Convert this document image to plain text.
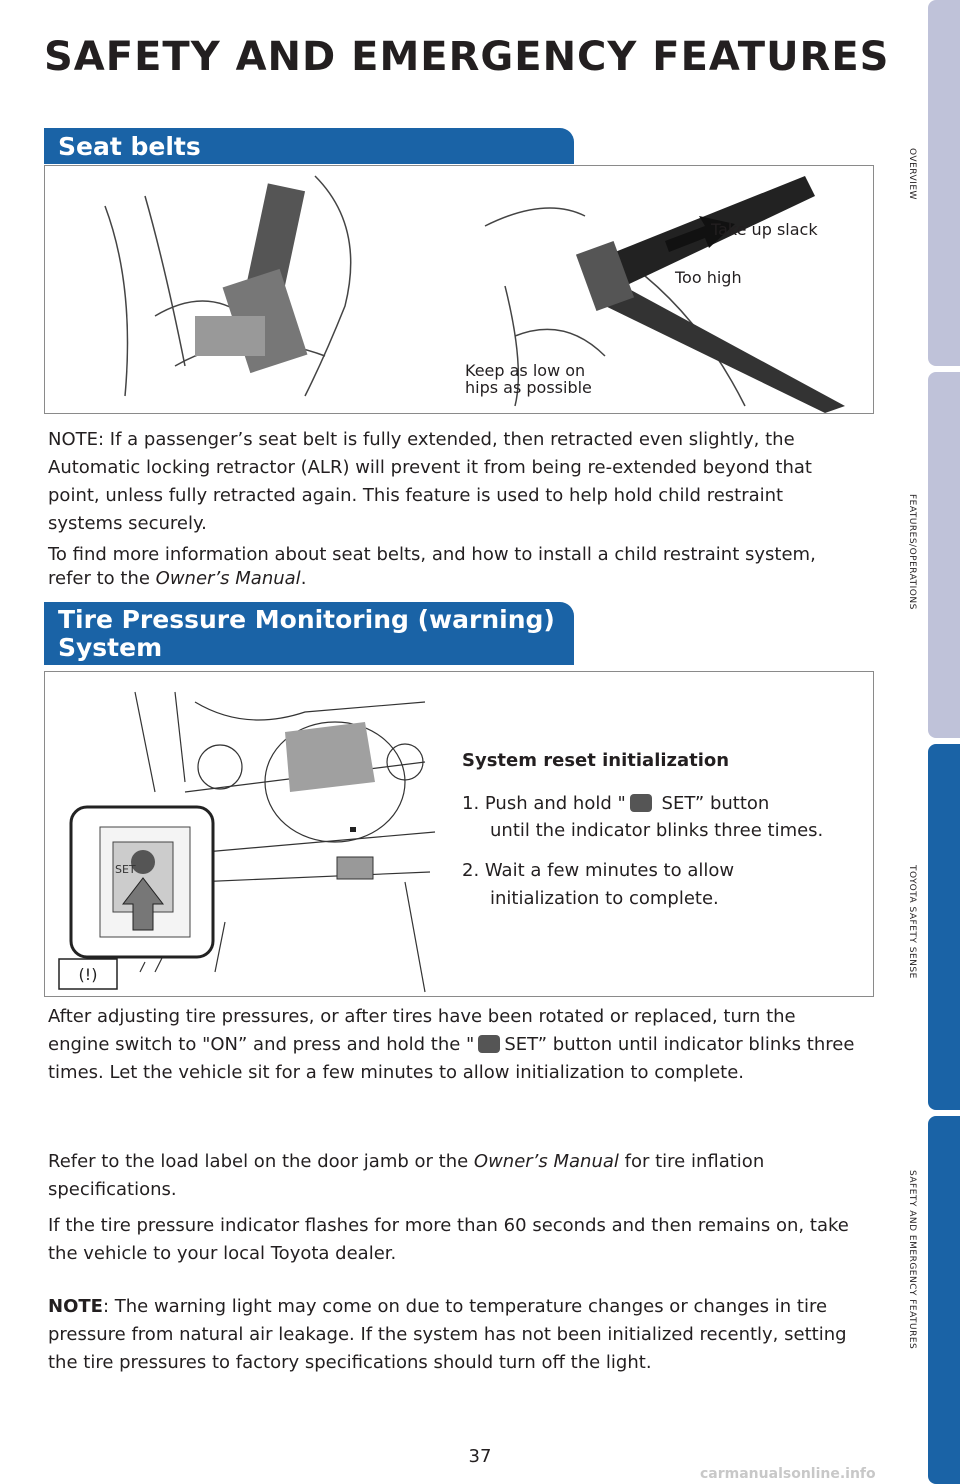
SAFETY AND EMERGENCY FEATURES
Seat belts
Take up slack
Too high
Keep as low on
hips as possible

NOTE: If a passenger’s seat belt is fully extended, then retracted even slightly, the Automatic locking retractor (ALR) will prevent it from being re-extended beyond that point, unless fully retracted again. This feature is used to help hold child restraint systems securely.

To find more information about seat belts, and how to install a child restraint system, refer to the Owner’s Manual.

Tire Pressure Monitoring (warning)
System
SET
(!)
System reset initialization
1. Push and hold " SET” button
until the indicator blinks three times.
2. Wait a few minutes to allow
initialization to complete.

After adjusting tire pressures, or after tires have been rotated or replaced, turn the engine switch to "ON” and press and hold the " SET” button until indicator blinks three times. Let the vehicle sit for a few minutes to allow initialization to complete.

Refer to the load label on the door jamb or the Owner’s Manual for tire inflation specifications.

If the tire pressure indicator flashes for more than 60 seconds and then remains on, take the vehicle to your local Toyota dealer.

NOTE: The warning light may come on due to temperature changes or changes in tire pressure from natural air leakage. If the system has not been initialized recently, setting the tire pressures to factory specifications should turn off the light.

OVERVIEW
FEATURES/OPERATIONS
TOYOTA SAFETY SENSE
SAFETY AND EMERGENCY FEATURES
37
carmanualsonline.info
